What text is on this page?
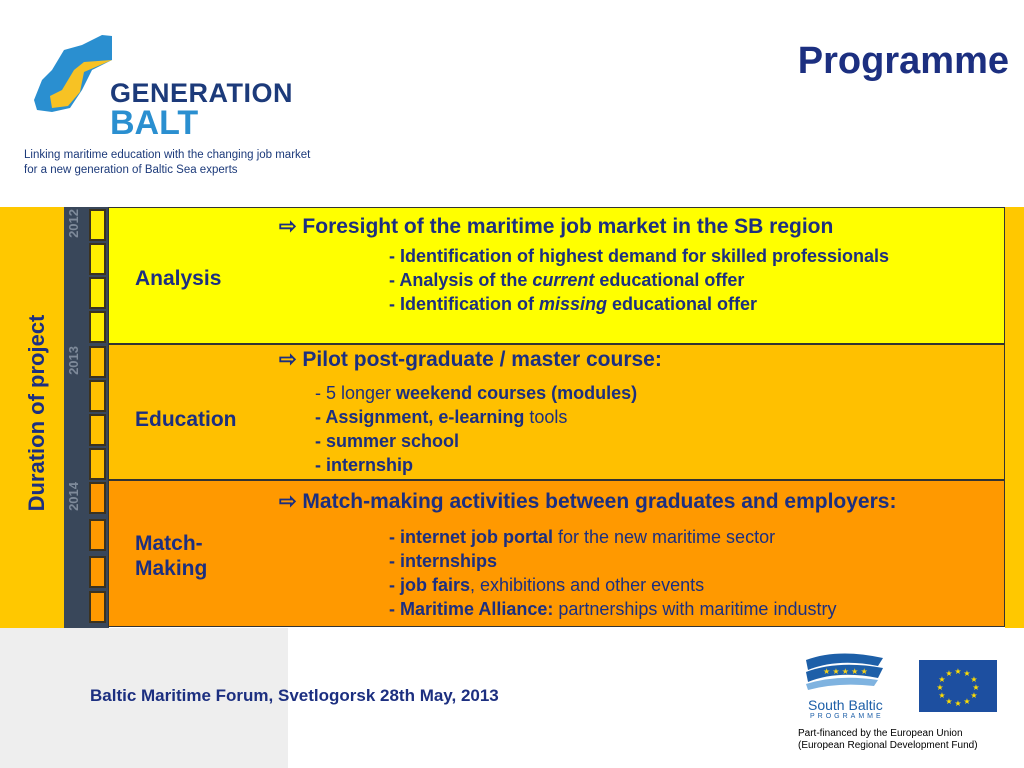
Programme
GENERATION
BALT
Linking maritime education with the changing job market for a new generation of Baltic Sea experts
Duration of project
2012
2013
2014
Analysis
⇨ Foresight of the maritime job market in the SB region
- Identification of highest demand for skilled professionals
- Analysis of the current educational offer
- Identification of missing educational offer
Education
⇨ Pilot post-graduate / master course:
- 5 longer weekend courses (modules)
- Assignment, e-learning tools
- summer school
- internship
Match-
Making
⇨ Match-making activities between graduates and employers:
- internet job portal for the new maritime sector
- internships
- job fairs, exhibitions and other events
- Maritime Alliance: partnerships with maritime industry
Baltic Maritime Forum, Svetlogorsk 28th May, 2013
★ ★ ★ ★ ★
South Baltic
PROGRAMME
★ ★
★
★
★
★
★
★
★
★
★
★
Part-financed by the European Union
(European Regional Development Fund)
